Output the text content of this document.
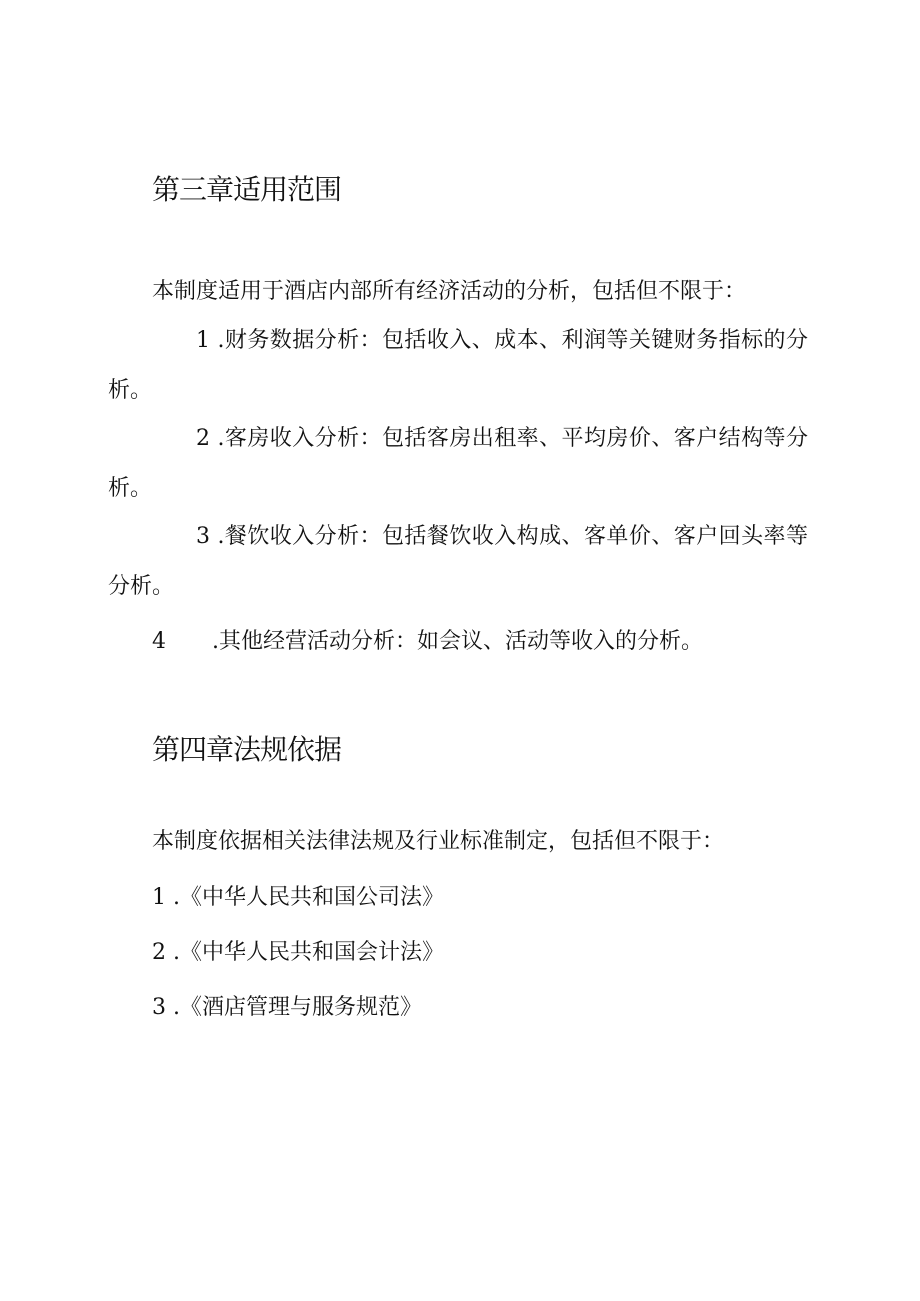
第三章适用范围

本制度适用于酒店内部所有经济活动的分析，包括但不限于：

1 .财务数据分析：包括收入、成本、利润等关键财务指标的分析。

2 .客房收入分析：包括客房出租率、平均房价、客户结构等分析。

3 .餐饮收入分析：包括餐饮收入构成、客单价、客户回头率等分析。

4 .其他经营活动分析：如会议、活动等收入的分析。

第四章法规依据

本制度依据相关法律法规及行业标准制定，包括但不限于：

1 .《中华人民共和国公司法》

2 .《中华人民共和国会计法》

3 .《酒店管理与服务规范》
